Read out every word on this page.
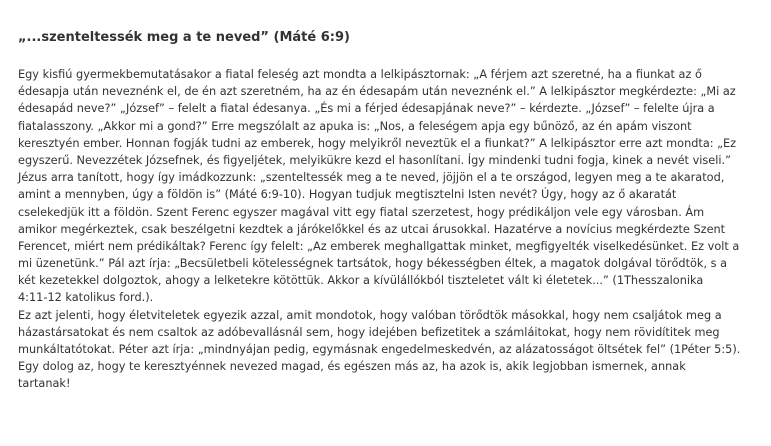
„...szenteltessék meg a te neved” (Máté 6:9)

Egy kisfiú gyermekbemutatásakor a fiatal feleség azt mondta a lelkipásztornak: „A férjem azt szeretné, ha a fiunkat az ő
édesapja után neveznénk el, de én azt szeretném, ha az én édesapám után neveznénk el.” A lelkipásztor megkérdezte: „Mi az
édesapád neve?” „József” – felelt a fiatal édesanya. „És mi a férjed édesapjának neve?” – kérdezte. „József” – felelte újra a
fiatalasszony. „Akkor mi a gond?” Erre megszólalt az apuka is: „Nos, a feleségem apja egy bűnöző, az én apám viszont
keresztyén ember. Honnan fogják tudni az emberek, hogy melyikről neveztük el a fiunkat?” A lelkipásztor erre azt mondta: „Ez
egyszerű. Nevezzétek Józsefnek, és figyeljétek, melyikükre kezd el hasonlítani. Így mindenki tudni fogja, kinek a nevét viseli.”
Jézus arra tanított, hogy így imádkozzunk: „szenteltessék meg a te neved, jöjjön el a te országod, legyen meg a te akaratod,
amint a mennyben, úgy a földön is” (Máté 6:9-10). Hogyan tudjuk megtisztelni Isten nevét? Úgy, hogy az ő akaratát
cselekedjük itt a földön. Szent Ferenc egyszer magával vitt egy fiatal szerzetest, hogy prédikáljon vele egy városban. Ám
amikor megérkeztek, csak beszélgetni kezdtek a járókelőkkel és az utcai árusokkal. Hazatérve a novícius megkérdezte Szent
Ferencet, miért nem prédikáltak? Ferenc így felelt: „Az emberek meghallgattak minket, megfigyelték viselkedésünket. Ez volt a
mi üzenetünk.” Pál azt írja: „Becsületbeli kötelességnek tartsátok, hogy békességben éltek, a magatok dolgával törődtök, s a
két kezetekkel dolgoztok, ahogy a lelketekre kötöttük. Akkor a kívülállókból tiszteletet vált ki életetek...” (1Thesszalonika
4:11-12 katolikus ford.).

Ez azt jelenti, hogy életviteletek egyezik azzal, amit mondotok, hogy valóban törődtök másokkal, hogy nem csaljátok meg a
házastársatokat és nem csaltok az adóbevallásnál sem, hogy idejében befizetitek a számláitokat, hogy nem rövidítitek meg
munkáltatótokat. Péter azt írja: „mindnyájan pedig, egymásnak engedelmeskedvén, az alázatosságot öltsétek fel” (1Péter 5:5).
Egy dolog az, hogy te keresztyénnek nevezed magad, és egészen más az, ha azok is, akik legjobban ismernek, annak
tartanak!
